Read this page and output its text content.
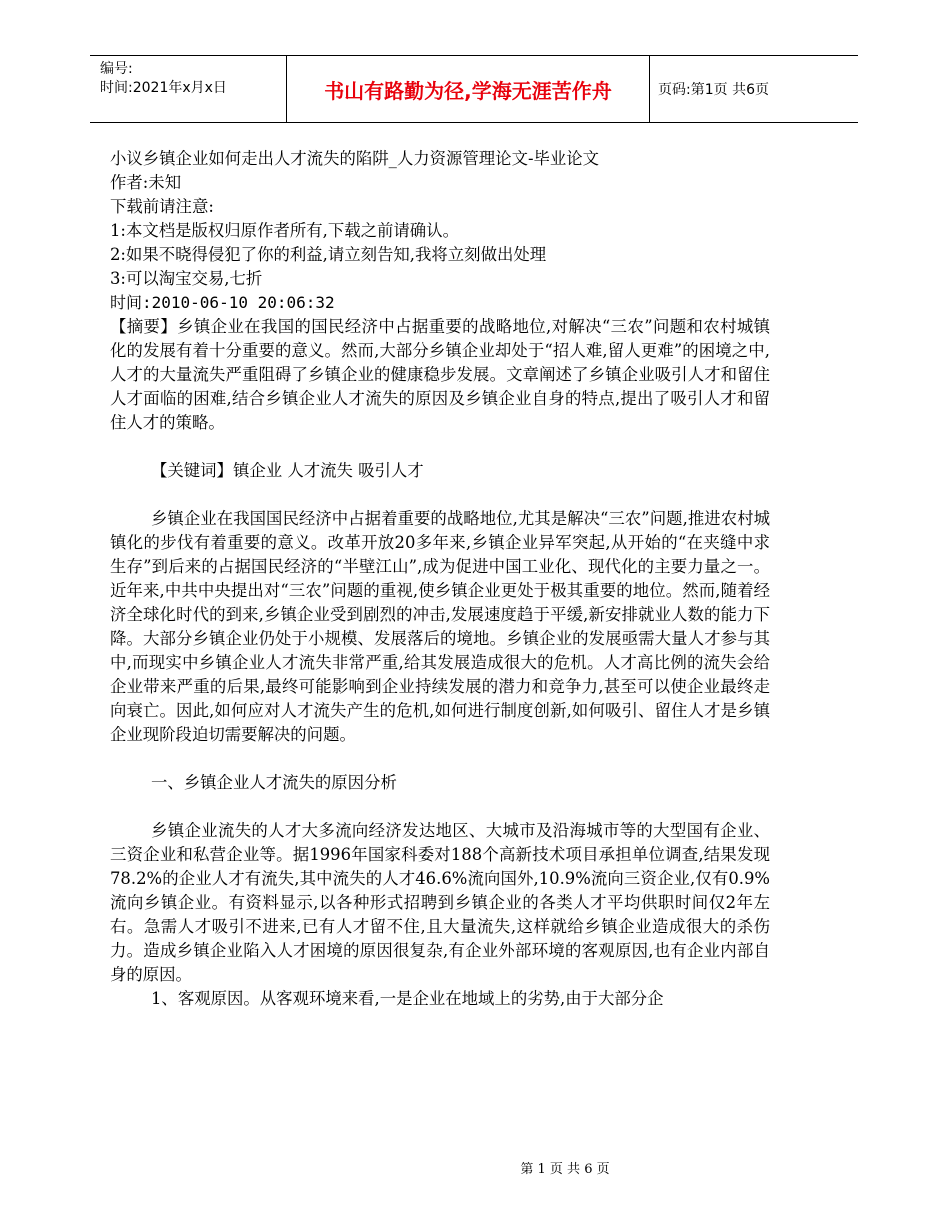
编号:
时间:2021年x月x日	书山有路勤为径,学海无涯苦作舟	页码:第1页 共6页

小议乡镇企业如何走出人才流失的陷阱_人力资源管理论文-毕业论文

作者:未知

下载前请注意:

1:本文档是版权归原作者所有,下载之前请确认。

2:如果不晓得侵犯了你的利益,请立刻告知,我将立刻做出处理

3:可以淘宝交易,七折

时间:2010-06-10 20:06:32

【摘要】乡镇企业在我国的国民经济中占据重要的战略地位,对解决“三农”问题和农村城镇化的发展有着十分重要的意义。然而,大部分乡镇企业却处于“招人难,留人更难”的困境之中,人才的大量流失严重阻碍了乡镇企业的健康稳步发展。文章阐述了乡镇企业吸引人才和留住人才面临的困难,结合乡镇企业人才流失的原因及乡镇企业自身的特点,提出了吸引人才和留住人才的策略。

【关键词】镇企业 人才流失 吸引人才

乡镇企业在我国国民经济中占据着重要的战略地位,尤其是解决“三农”问题,推进农村城镇化的步伐有着重要的意义。改革开放20多年来,乡镇企业异军突起,从开始的“在夹缝中求生存”到后来的占据国民经济的“半壁江山”,成为促进中国工业化、现代化的主要力量之一。近年来,中共中央提出对“三农”问题的重视,使乡镇企业更处于极其重要的地位。然而,随着经济全球化时代的到来,乡镇企业受到剧烈的冲击,发展速度趋于平缓,新安排就业人数的能力下降。大部分乡镇企业仍处于小规模、发展落后的境地。乡镇企业的发展亟需大量人才参与其中,而现实中乡镇企业人才流失非常严重,给其发展造成很大的危机。人才高比例的流失会给企业带来严重的后果,最终可能影响到企业持续发展的潜力和竞争力,甚至可以使企业最终走向衰亡。因此,如何应对人才流失产生的危机,如何进行制度创新,如何吸引、留住人才是乡镇企业现阶段迫切需要解决的问题。

一、乡镇企业人才流失的原因分析

乡镇企业流失的人才大多流向经济发达地区、大城市及沿海城市等的大型国有企业、三资企业和私营企业等。据1996年国家科委对188个高新技术项目承担单位调查,结果发现78.2%的企业人才有流失,其中流失的人才46.6%流向国外,10.9%流向三资企业,仅有0.9%流向乡镇企业。有资料显示,以各种形式招聘到乡镇企业的各类人才平均供职时间仅2年左右。急需人才吸引不进来,已有人才留不住,且大量流失,这样就给乡镇企业造成很大的杀伤力。造成乡镇企业陷入人才困境的原因很复杂,有企业外部环境的客观原因,也有企业内部自身的原因。

1、客观原因。从客观环境来看,一是企业在地域上的劣势,由于大部分企

第 1 页 共 6 页
